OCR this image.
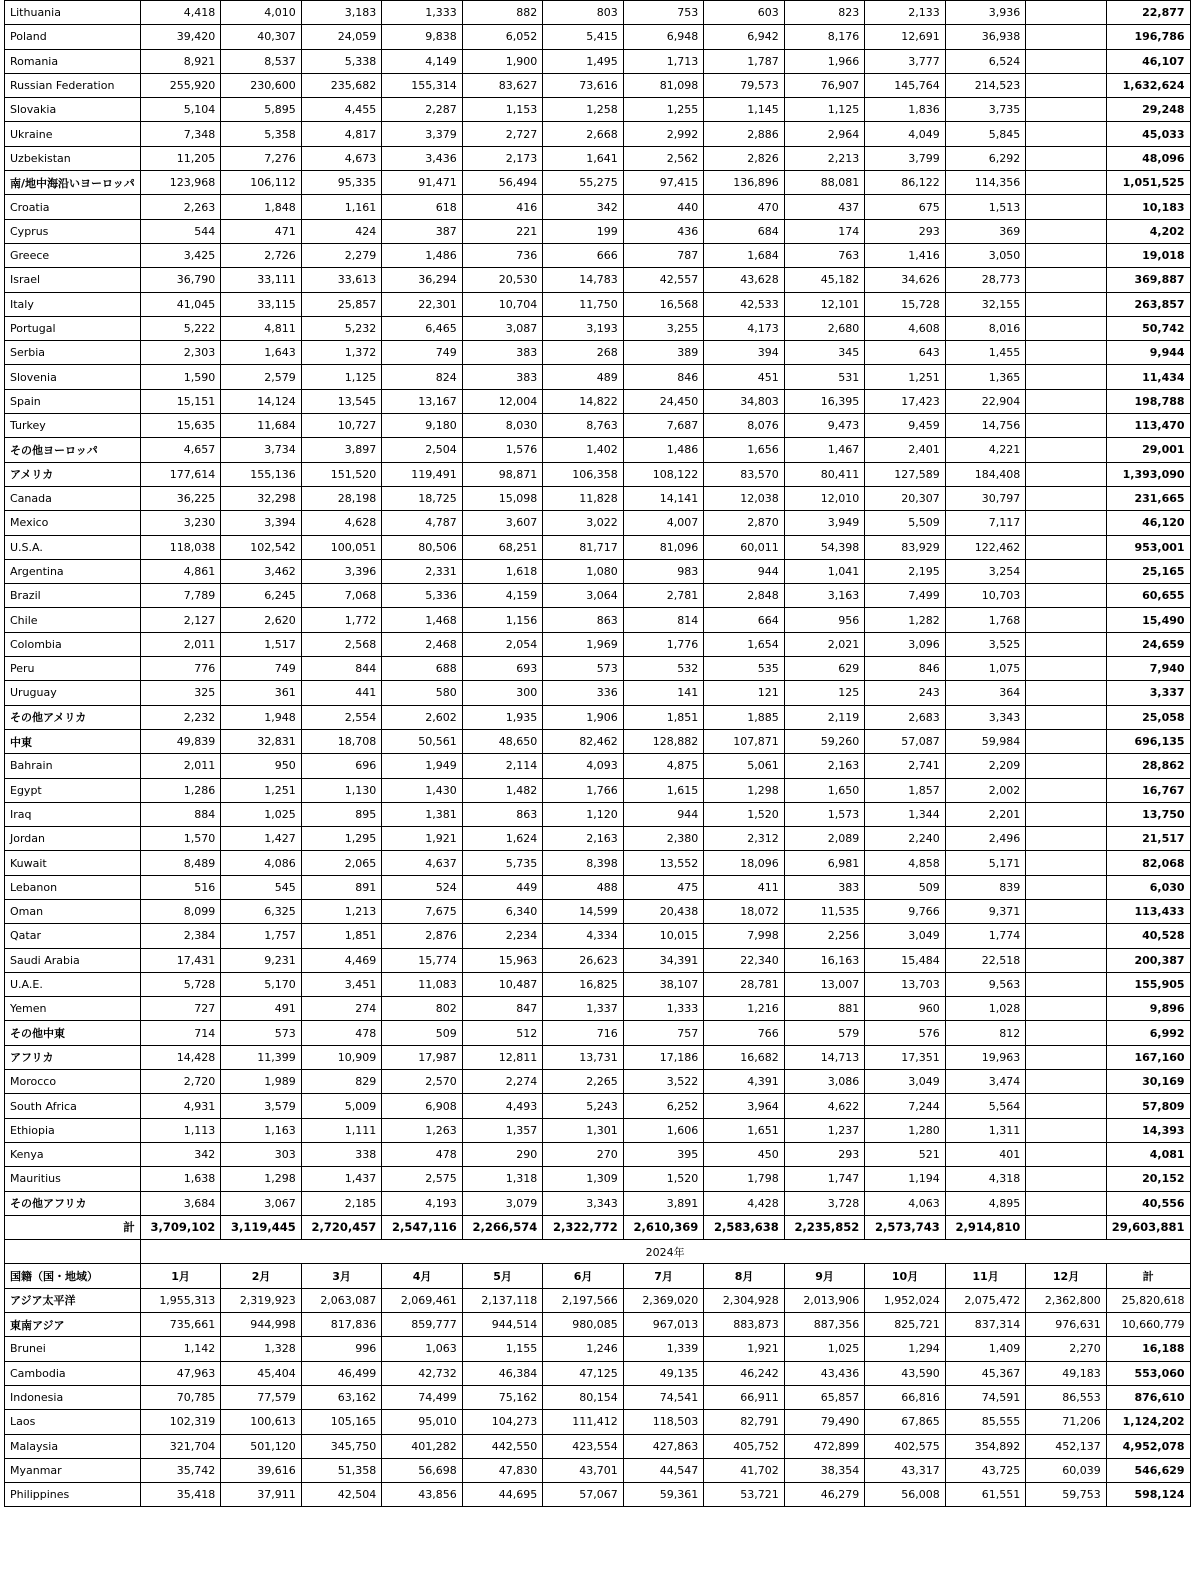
Lithuania	4,418	4,010	3,183	1,333	882	803	753	603	823	2,133	3,936		22,877
Poland	39,420	40,307	24,059	9,838	6,052	5,415	6,948	6,942	8,176	12,691	36,938		196,786
Romania	8,921	8,537	5,338	4,149	1,900	1,495	1,713	1,787	1,966	3,777	6,524		46,107
Russian Federation	255,920	230,600	235,682	155,314	83,627	73,616	81,098	79,573	76,907	145,764	214,523		1,632,624
Slovakia	5,104	5,895	4,455	2,287	1,153	1,258	1,255	1,145	1,125	1,836	3,735		29,248
Ukraine	7,348	5,358	4,817	3,379	2,727	2,668	2,992	2,886	2,964	4,049	5,845		45,033
Uzbekistan	11,205	7,276	4,673	3,436	2,173	1,641	2,562	2,826	2,213	3,799	6,292		48,096
南/地中海沿いヨーロッパ	123,968	106,112	95,335	91,471	56,494	55,275	97,415	136,896	88,081	86,122	114,356		1,051,525
Croatia	2,263	1,848	1,161	618	416	342	440	470	437	675	1,513		10,183
Cyprus	544	471	424	387	221	199	436	684	174	293	369		4,202
Greece	3,425	2,726	2,279	1,486	736	666	787	1,684	763	1,416	3,050		19,018
Israel	36,790	33,111	33,613	36,294	20,530	14,783	42,557	43,628	45,182	34,626	28,773		369,887
Italy	41,045	33,115	25,857	22,301	10,704	11,750	16,568	42,533	12,101	15,728	32,155		263,857
Portugal	5,222	4,811	5,232	6,465	3,087	3,193	3,255	4,173	2,680	4,608	8,016		50,742
Serbia	2,303	1,643	1,372	749	383	268	389	394	345	643	1,455		9,944
Slovenia	1,590	2,579	1,125	824	383	489	846	451	531	1,251	1,365		11,434
Spain	15,151	14,124	13,545	13,167	12,004	14,822	24,450	34,803	16,395	17,423	22,904		198,788
Turkey	15,635	11,684	10,727	9,180	8,030	8,763	7,687	8,076	9,473	9,459	14,756		113,470
その他ヨーロッパ	4,657	3,734	3,897	2,504	1,576	1,402	1,486	1,656	1,467	2,401	4,221		29,001
アメリカ	177,614	155,136	151,520	119,491	98,871	106,358	108,122	83,570	80,411	127,589	184,408		1,393,090
Canada	36,225	32,298	28,198	18,725	15,098	11,828	14,141	12,038	12,010	20,307	30,797		231,665
Mexico	3,230	3,394	4,628	4,787	3,607	3,022	4,007	2,870	3,949	5,509	7,117		46,120
U.S.A.	118,038	102,542	100,051	80,506	68,251	81,717	81,096	60,011	54,398	83,929	122,462		953,001
Argentina	4,861	3,462	3,396	2,331	1,618	1,080	983	944	1,041	2,195	3,254		25,165
Brazil	7,789	6,245	7,068	5,336	4,159	3,064	2,781	2,848	3,163	7,499	10,703		60,655
Chile	2,127	2,620	1,772	1,468	1,156	863	814	664	956	1,282	1,768		15,490
Colombia	2,011	1,517	2,568	2,468	2,054	1,969	1,776	1,654	2,021	3,096	3,525		24,659
Peru	776	749	844	688	693	573	532	535	629	846	1,075		7,940
Uruguay	325	361	441	580	300	336	141	121	125	243	364		3,337
その他アメリカ	2,232	1,948	2,554	2,602	1,935	1,906	1,851	1,885	2,119	2,683	3,343		25,058
中東	49,839	32,831	18,708	50,561	48,650	82,462	128,882	107,871	59,260	57,087	59,984		696,135
Bahrain	2,011	950	696	1,949	2,114	4,093	4,875	5,061	2,163	2,741	2,209		28,862
Egypt	1,286	1,251	1,130	1,430	1,482	1,766	1,615	1,298	1,650	1,857	2,002		16,767
Iraq	884	1,025	895	1,381	863	1,120	944	1,520	1,573	1,344	2,201		13,750
Jordan	1,570	1,427	1,295	1,921	1,624	2,163	2,380	2,312	2,089	2,240	2,496		21,517
Kuwait	8,489	4,086	2,065	4,637	5,735	8,398	13,552	18,096	6,981	4,858	5,171		82,068
Lebanon	516	545	891	524	449	488	475	411	383	509	839		6,030
Oman	8,099	6,325	1,213	7,675	6,340	14,599	20,438	18,072	11,535	9,766	9,371		113,433
Qatar	2,384	1,757	1,851	2,876	2,234	4,334	10,015	7,998	2,256	3,049	1,774		40,528
Saudi Arabia	17,431	9,231	4,469	15,774	15,963	26,623	34,391	22,340	16,163	15,484	22,518		200,387
U.A.E.	5,728	5,170	3,451	11,083	10,487	16,825	38,107	28,781	13,007	13,703	9,563		155,905
Yemen	727	491	274	802	847	1,337	1,333	1,216	881	960	1,028		9,896
その他中東	714	573	478	509	512	716	757	766	579	576	812		6,992
アフリカ	14,428	11,399	10,909	17,987	12,811	13,731	17,186	16,682	14,713	17,351	19,963		167,160
Morocco	2,720	1,989	829	2,570	2,274	2,265	3,522	4,391	3,086	3,049	3,474		30,169
South Africa	4,931	3,579	5,009	6,908	4,493	5,243	6,252	3,964	4,622	7,244	5,564		57,809
Ethiopia	1,113	1,163	1,111	1,263	1,357	1,301	1,606	1,651	1,237	1,280	1,311		14,393
Kenya	342	303	338	478	290	270	395	450	293	521	401		4,081
Mauritius	1,638	1,298	1,437	2,575	1,318	1,309	1,520	1,798	1,747	1,194	4,318		20,152
その他アフリカ	3,684	3,067	2,185	4,193	3,079	3,343	3,891	4,428	3,728	4,063	4,895		40,556
計	3,709,102	3,119,445	2,720,457	2,547,116	2,266,574	2,322,772	2,610,369	2,583,638	2,235,852	2,573,743	2,914,810		29,603,881
	2024年												
国籍（国・地域）	1月	2月	3月	4月	5月	6月	7月	8月	9月	10月	11月	12月	計
アジア太平洋	1,955,313	2,319,923	2,063,087	2,069,461	2,137,118	2,197,566	2,369,020	2,304,928	2,013,906	1,952,024	2,075,472	2,362,800	25,820,618
東南アジア	735,661	944,998	817,836	859,777	944,514	980,085	967,013	883,873	887,356	825,721	837,314	976,631	10,660,779
Brunei	1,142	1,328	996	1,063	1,155	1,246	1,339	1,921	1,025	1,294	1,409	2,270	16,188
Cambodia	47,963	45,404	46,499	42,732	46,384	47,125	49,135	46,242	43,436	43,590	45,367	49,183	553,060
Indonesia	70,785	77,579	63,162	74,499	75,162	80,154	74,541	66,911	65,857	66,816	74,591	86,553	876,610
Laos	102,319	100,613	105,165	95,010	104,273	111,412	118,503	82,791	79,490	67,865	85,555	71,206	1,124,202
Malaysia	321,704	501,120	345,750	401,282	442,550	423,554	427,863	405,752	472,899	402,575	354,892	452,137	4,952,078
Myanmar	35,742	39,616	51,358	56,698	47,830	43,701	44,547	41,702	38,354	43,317	43,725	60,039	546,629
Philippines	35,418	37,911	42,504	43,856	44,695	57,067	59,361	53,721	46,279	56,008	61,551	59,753	598,124
